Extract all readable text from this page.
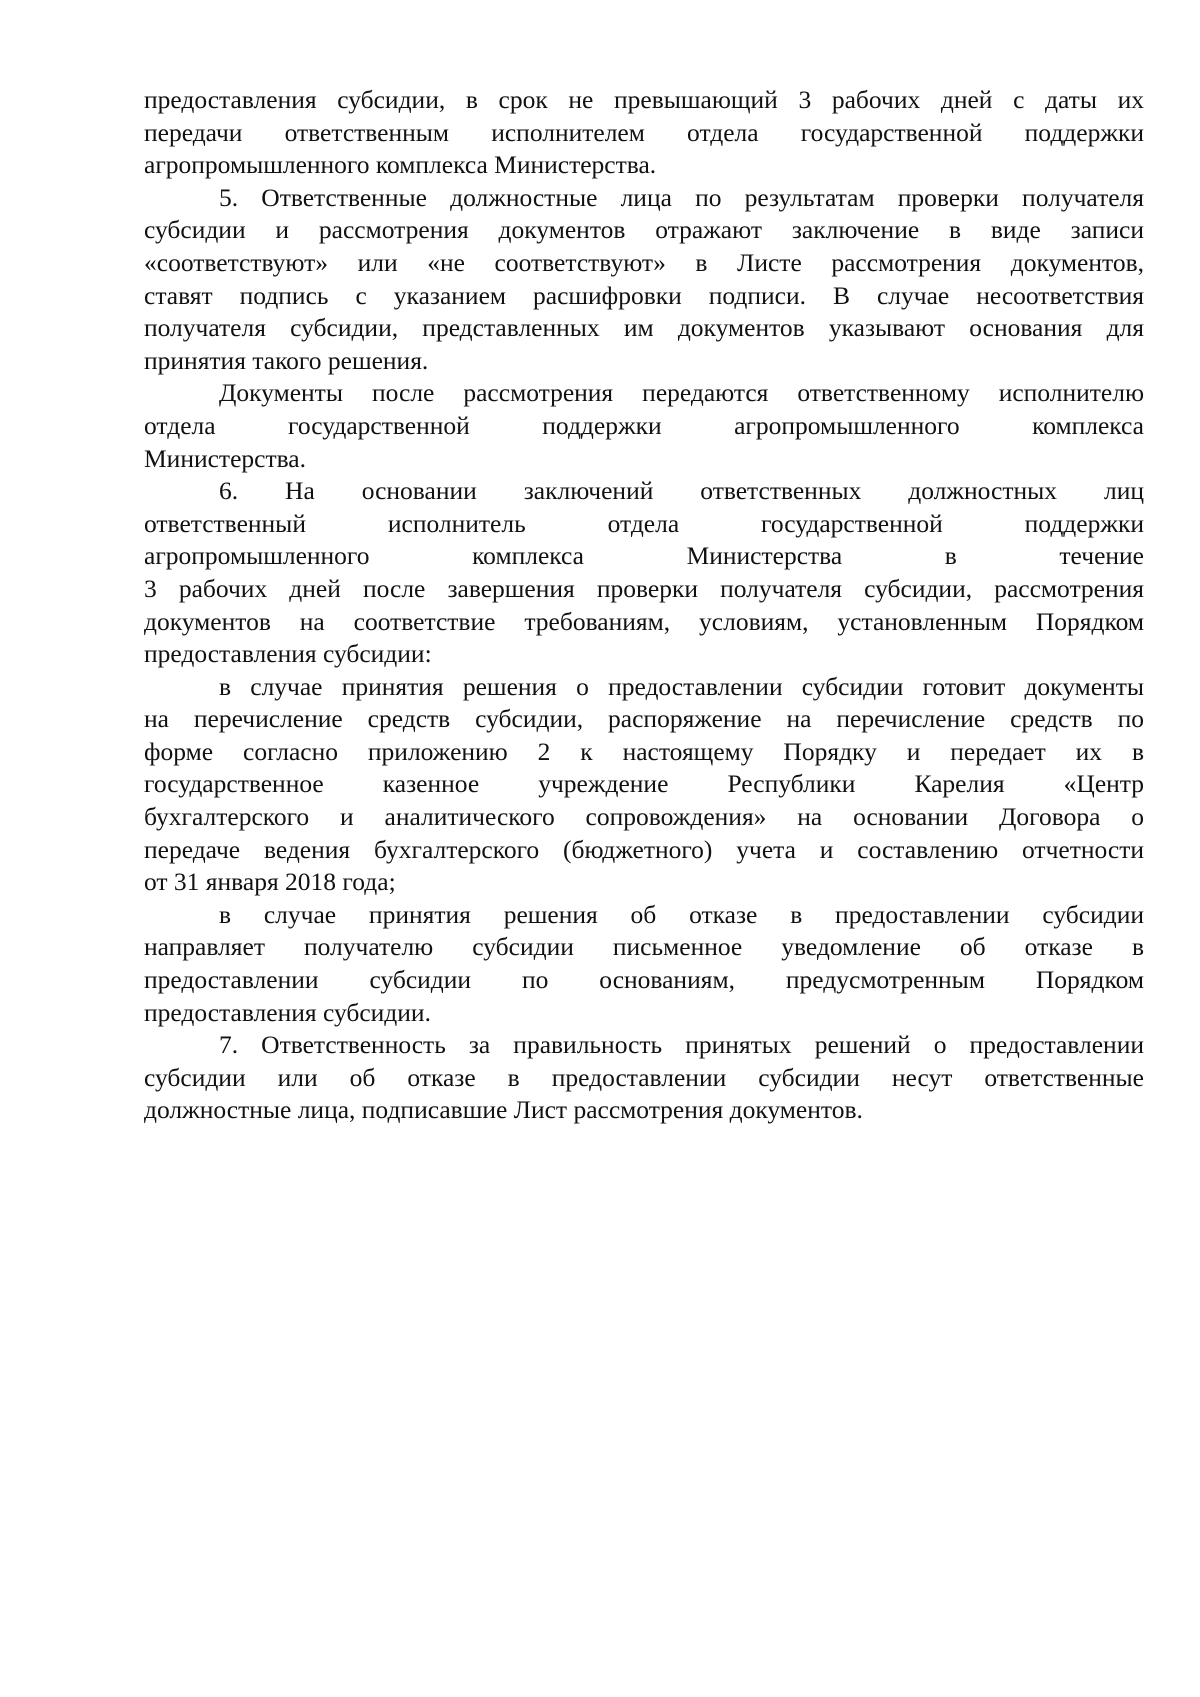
предоставления субсидии, в срок не превышающий 3 рабочих дней с даты их
передачи ответственным исполнителем отдела государственной поддержки
агропромышленного комплекса Министерства.

5. Ответственные должностные лица по результатам проверки получателя
субсидии и рассмотрения документов отражают заключение в виде записи
«соответствуют» или «не соответствуют» в Листе рассмотрения документов,
ставят подпись с указанием расшифровки подписи. В случае несоответствия
получателя субсидии, представленных им документов указывают основания для
принятия такого решения.

Документы после рассмотрения передаются ответственному исполнителю
отдела государственной поддержки агропромышленного комплекса
Министерства.

6. На основании заключений ответственных должностных лиц
ответственный исполнитель отдела государственной поддержки
агропромышленного комплекса Министерства в течение
3 рабочих дней после завершения проверки получателя субсидии, рассмотрения
документов на соответствие требованиям, условиям, установленным Порядком
предоставления субсидии:

в случае принятия решения о предоставлении субсидии готовит документы
на перечисление средств субсидии, распоряжение на перечисление средств по
форме согласно приложению 2 к настоящему Порядку и передает их в
государственное казенное учреждение Республики Карелия «Центр
бухгалтерского и аналитического сопровождения» на основании Договора о
передаче ведения бухгалтерского (бюджетного) учета и составлению отчетности
от 31 января 2018 года;

в случае принятия решения об отказе в предоставлении субсидии
направляет получателю субсидии письменное уведомление об отказе в
предоставлении субсидии по основаниям, предусмотренным Порядком
предоставления субсидии.

7. Ответственность за правильность принятых решений о предоставлении
субсидии или об отказе в предоставлении субсидии несут ответственные
должностные лица, подписавшие Лист рассмотрения документов.
